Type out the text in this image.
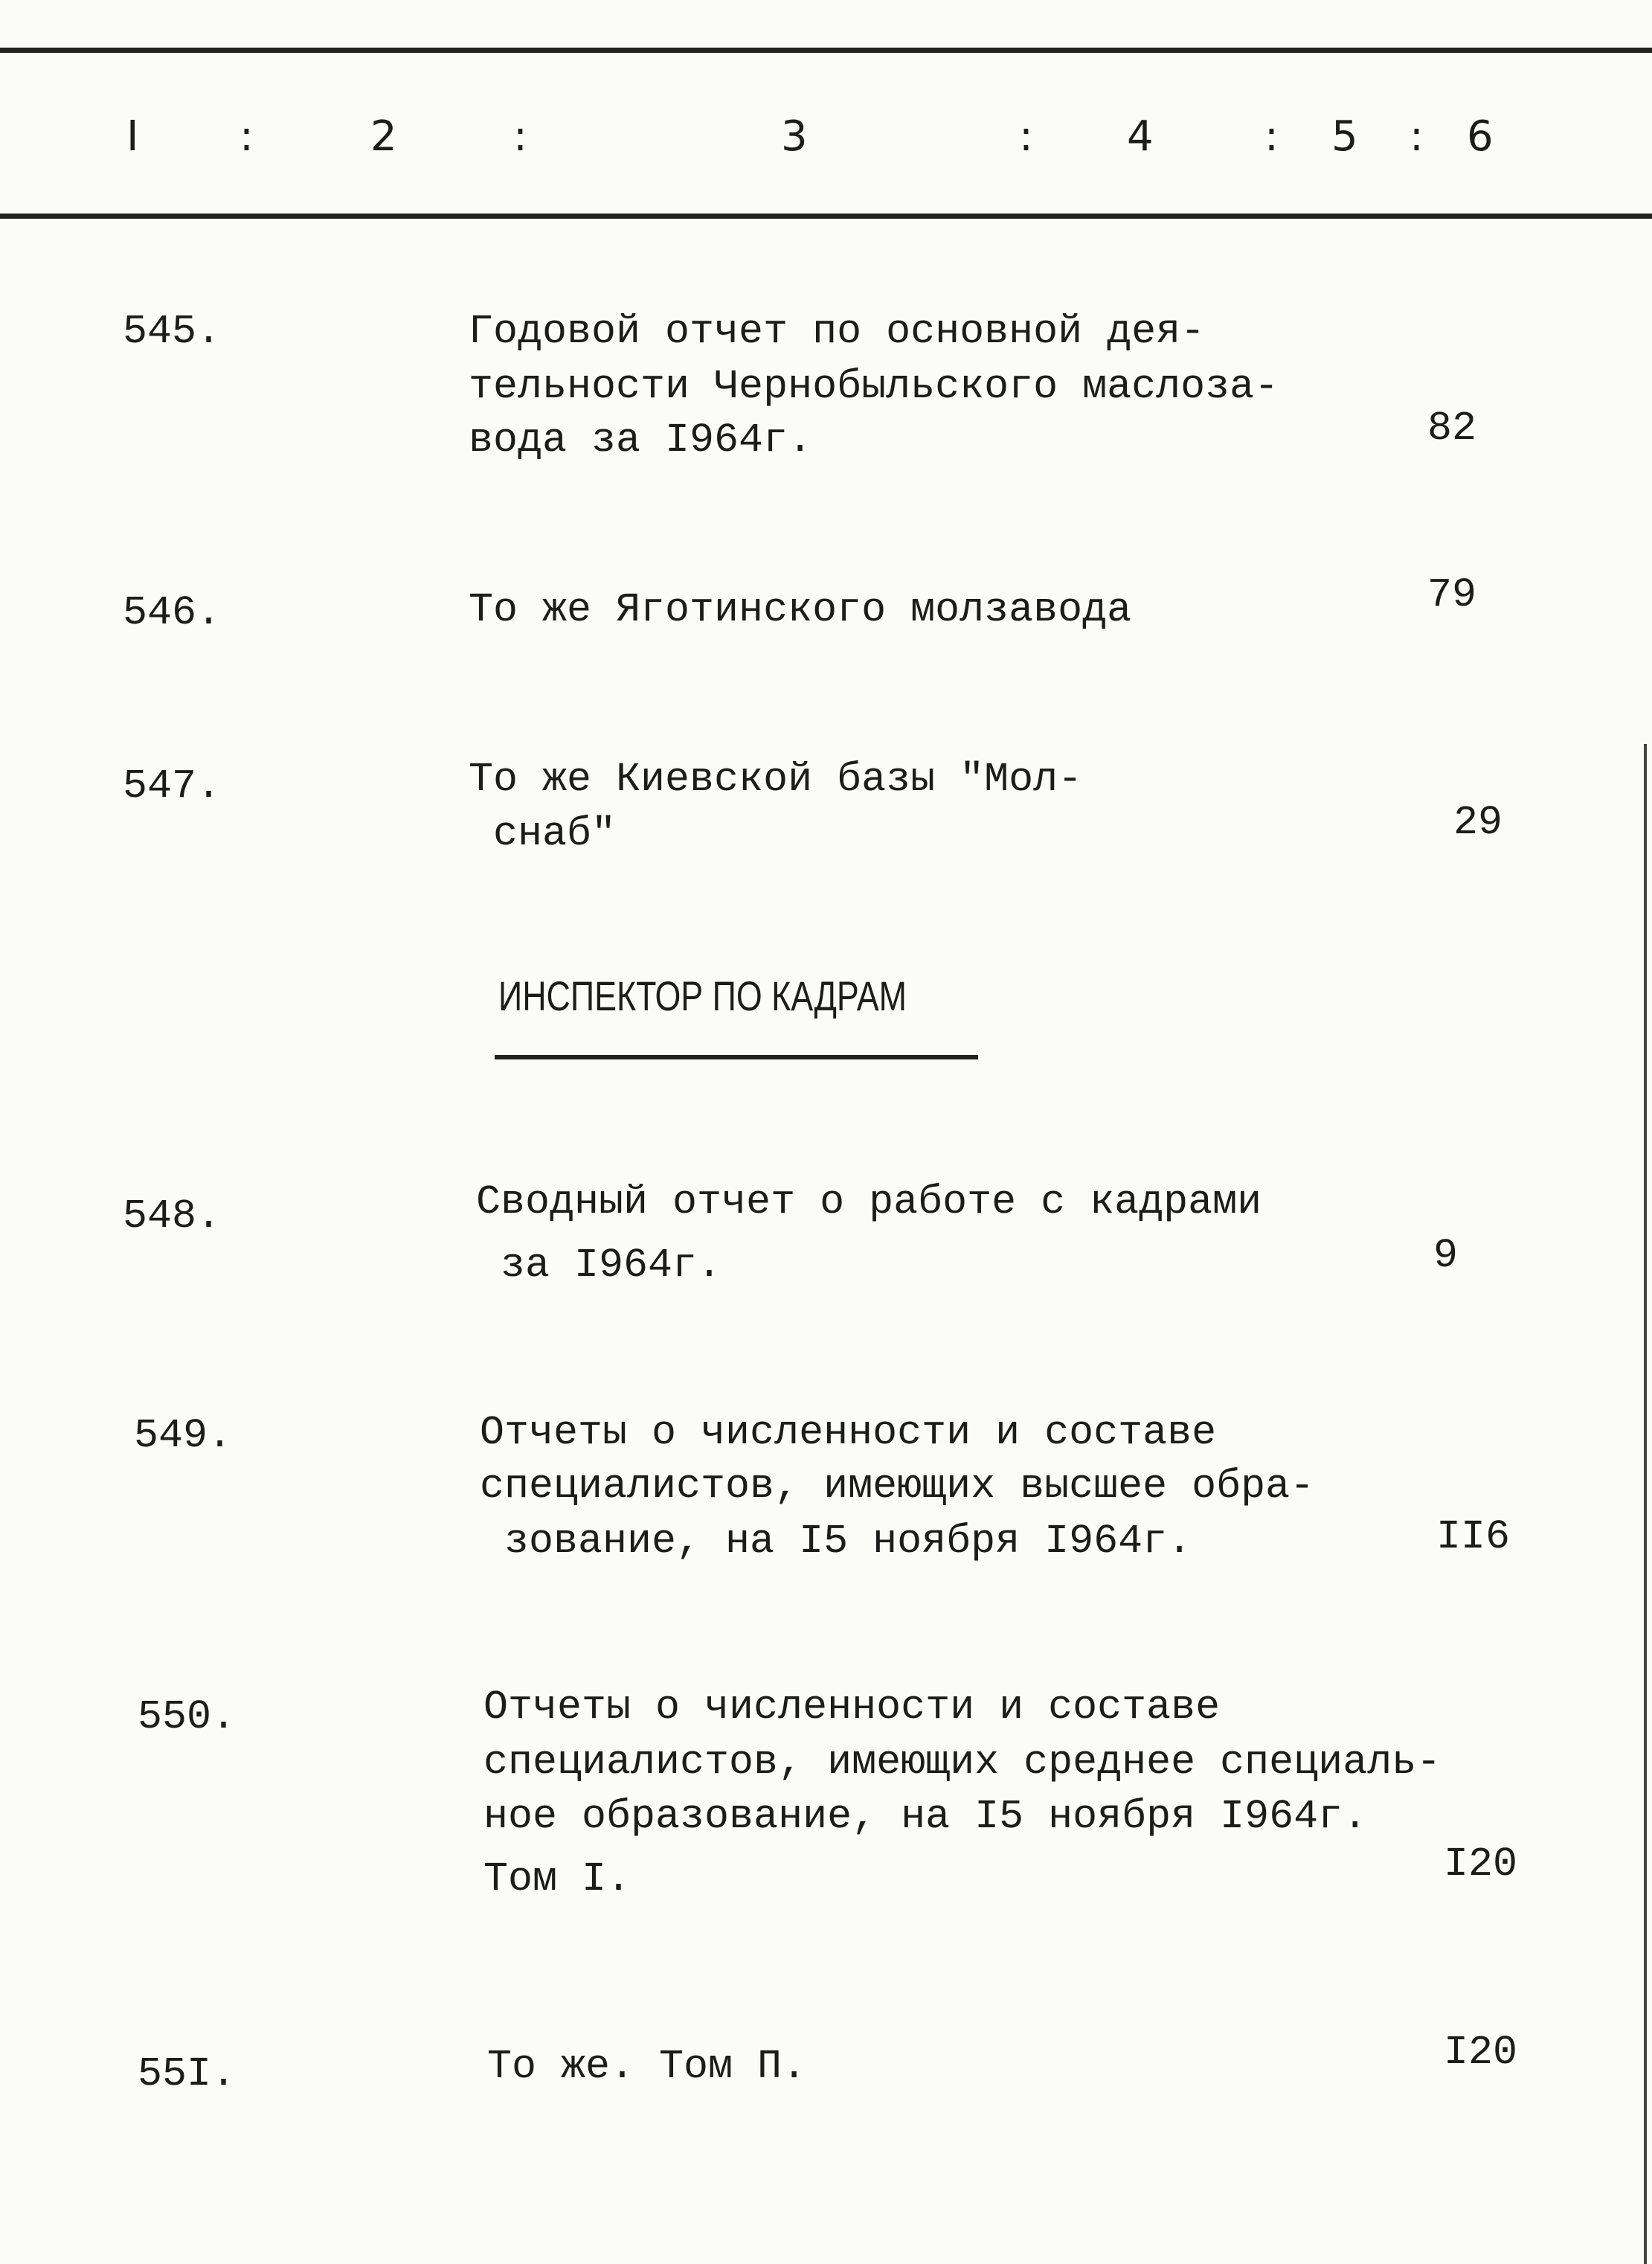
I :	2	:	3	: 4	: 5 : 6
545.	Годовой отчет по основной дея-
тельности Чернобыльского маслоза-
вода за I964г.	82
546.	То же Яготинского молзавода	79
547.	То же Киевской базы "Мол-
снаб"	29
ИНСПЕКТОР ПО КАДРАМ
548.	Сводный отчет о работе с кадрами
за I964г.	9
549.	Отчеты о численности и составе
специалистов, имеющих высшее обра-
зование, на I5 ноября I964г.	II6
550.	Отчеты о численности и составе
специалистов, имеющих среднее специаль-
ное образование, на I5 ноября I964г.
Том I.	I20
55I.	То же. Том П.	I20
